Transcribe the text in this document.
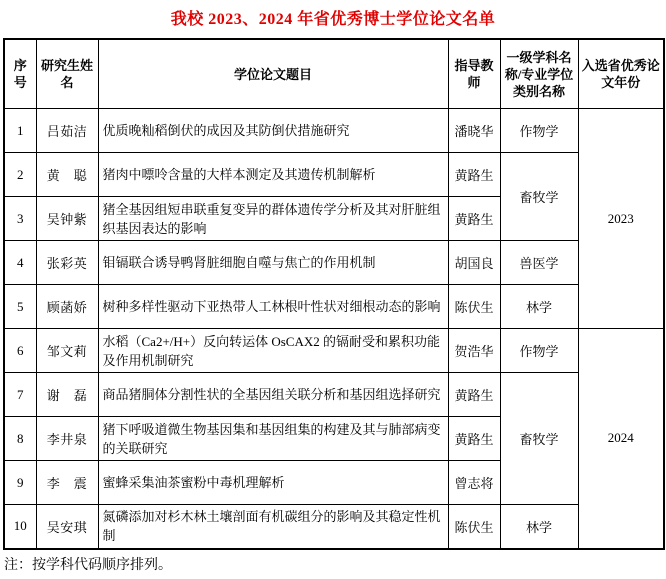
我校 2023、2024 年省优秀博士学位论文名单
序号	研究生姓名	学位论文题目	指导教师	一级学科名称/专业学位类别名称	入选省优秀论文年份
1	吕茹洁	优质晚籼稻倒伏的成因及其防倒伏措施研究	潘晓华	作物学	2023
2	黄　聪	猪肉中嘌呤含量的大样本测定及其遗传机制解析	黄路生	畜牧学	
3	吴钟紫	猪全基因组短串联重复变异的群体遗传学分析及其对肝脏组织基因表达的影响	黄路生		
4	张彩英	钼镉联合诱导鸭肾脏细胞自噬与焦亡的作用机制	胡国良	兽医学	
5	顾菡娇	树种多样性驱动下亚热带人工林根叶性状对细根动态的影响	陈伏生	林学	
6	邹文莉	水稻（Ca2+/H+）反向转运体 OsCAX2 的镉耐受和累积功能及作用机制研究	贺浩华	作物学	2024
7	谢　磊	商品猪胴体分割性状的全基因组关联分析和基因组选择研究	黄路生	畜牧学	
8	李井泉	猪下呼吸道微生物基因集和基因组集的构建及其与肺部病变的关联研究	黄路生		
9	李　震	蜜蜂采集油茶蜜粉中毒机理解析	曾志将		
10	吴安琪	氮磷添加对杉木林土壤剖面有机碳组分的影响及其稳定性机制	陈伏生	林学	

注：按学科代码顺序排列。
